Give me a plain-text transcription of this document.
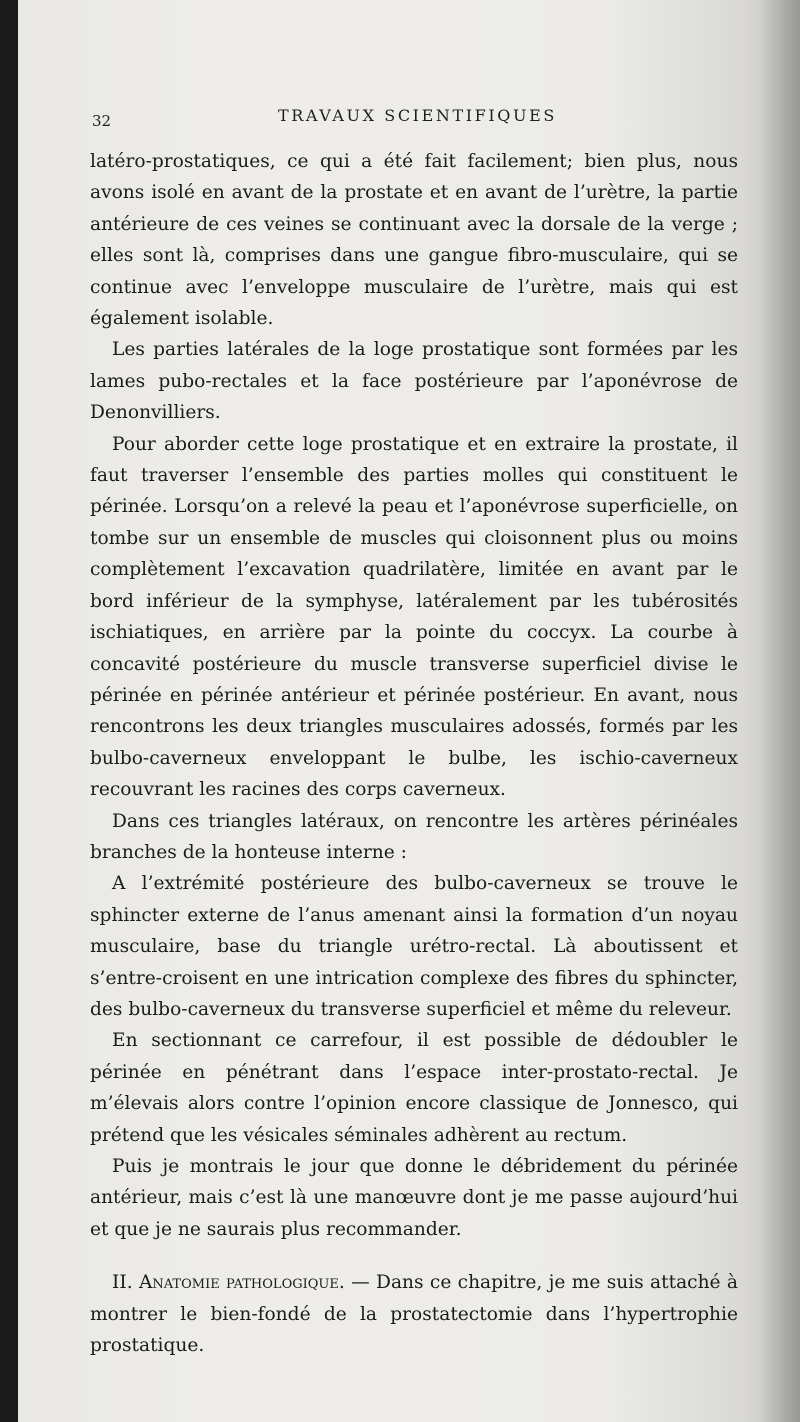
32	TRAVAUX SCIENTIFIQUES

latéro-prostatiques, ce qui a été fait facilement; bien plus, nous avons isolé en avant de la prostate et en avant de l’urètre, la partie antérieure de ces veines se continuant avec la dorsale de la verge ; elles sont là, comprises dans une gangue fibro-musculaire, qui se continue avec l’enveloppe musculaire de l’urètre, mais qui est également isolable.

Les parties latérales de la loge prostatique sont formées par les lames pubo-rectales et la face postérieure par l’aponévrose de Denonvilliers.

Pour aborder cette loge prostatique et en extraire la prostate, il faut traverser l’ensemble des parties molles qui constituent le périnée. Lorsqu’on a relevé la peau et l’aponévrose superficielle, on tombe sur un ensemble de muscles qui cloisonnent plus ou moins complètement l’excavation quadrilatère, limitée en avant par le bord inférieur de la symphyse, latéralement par les tubérosités ischiatiques, en arrière par la pointe du coccyx. La courbe à concavité postérieure du muscle transverse superficiel divise le périnée en périnée antérieur et périnée postérieur. En avant, nous rencontrons les deux triangles musculaires adossés, formés par les bulbo-caverneux enveloppant le bulbe, les ischio-caverneux recouvrant les racines des corps caverneux.

Dans ces triangles latéraux, on rencontre les artères périnéales branches de la honteuse interne :

A l’extrémité postérieure des bulbo-caverneux se trouve le sphincter externe de l’anus amenant ainsi la formation d’un noyau musculaire, base du triangle urétro-rectal. Là aboutissent et s’entre-croisent en une intrication complexe des fibres du sphincter, des bulbo-caverneux du transverse superficiel et même du releveur.

En sectionnant ce carrefour, il est possible de dédoubler le périnée en pénétrant dans l’espace inter-prostato-rectal. Je m’élevais alors contre l’opinion encore classique de Jonnesco, qui prétend que les vésicales séminales adhèrent au rectum.

Puis je montrais le jour que donne le débridement du périnée antérieur, mais c’est là une manœuvre dont je me passe aujourd’hui et que je ne saurais plus recommander.

II. Anatomie pathologique. — Dans ce chapitre, je me suis attaché à montrer le bien-fondé de la prostatectomie dans l’hypertrophie prostatique.
